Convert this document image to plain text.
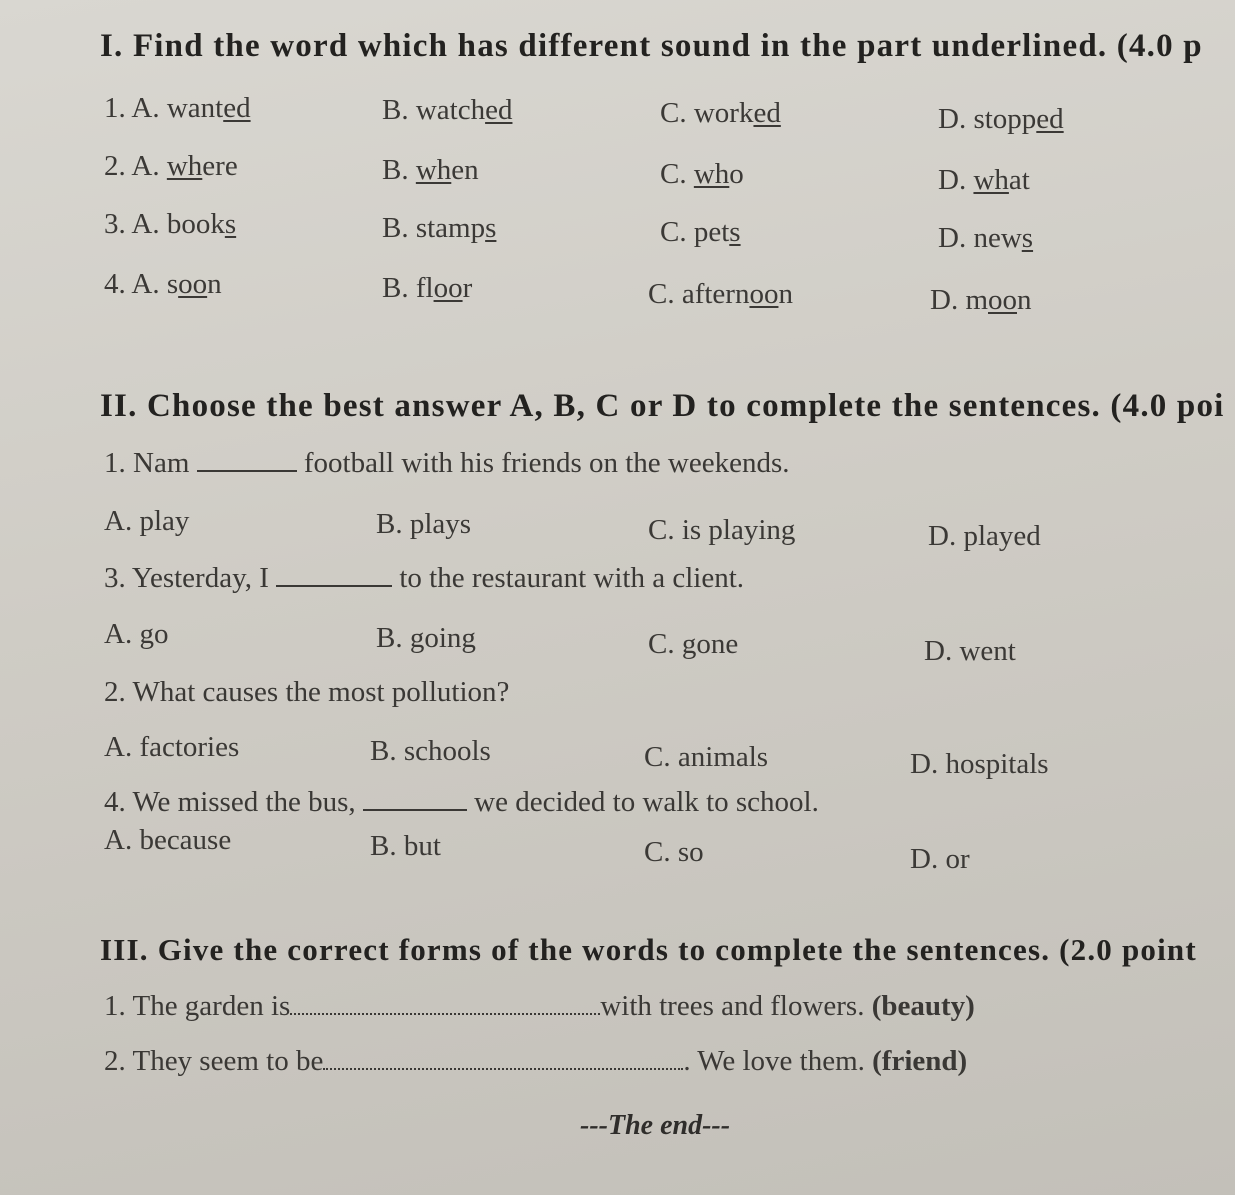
I. Find the word which has different sound in the part underlined. (4.0 p
1. A. wanted	B. watched	C. worked	D. stopped
2. A. where	B. when	C. who	D. what
3. A. books	B. stamps	C. pets	D. news
4. A. soon	B. floor	C. afternoon	D. moon
II. Choose the best answer A, B, C or D to complete the sentences. (4.0 poi
1. Nam	football with his friends on the weekends.
A. play	B. plays	C. is playing	D. played
3. Yesterday, I	to the restaurant with a client.
A. go	B. going	C. gone	D. went
2. What causes the most pollution?
A. factories	B. schools	C. animals	D. hospitals
4. We missed the bus,	we decided to walk to school.
A. because	B. but	C. so	D. or
III. Give the correct forms of the words to complete the sentences. (2.0 point
1. The garden is	with trees and flowers. (beauty)
2. They seem to be	. We love them. (friend)
---The end---
